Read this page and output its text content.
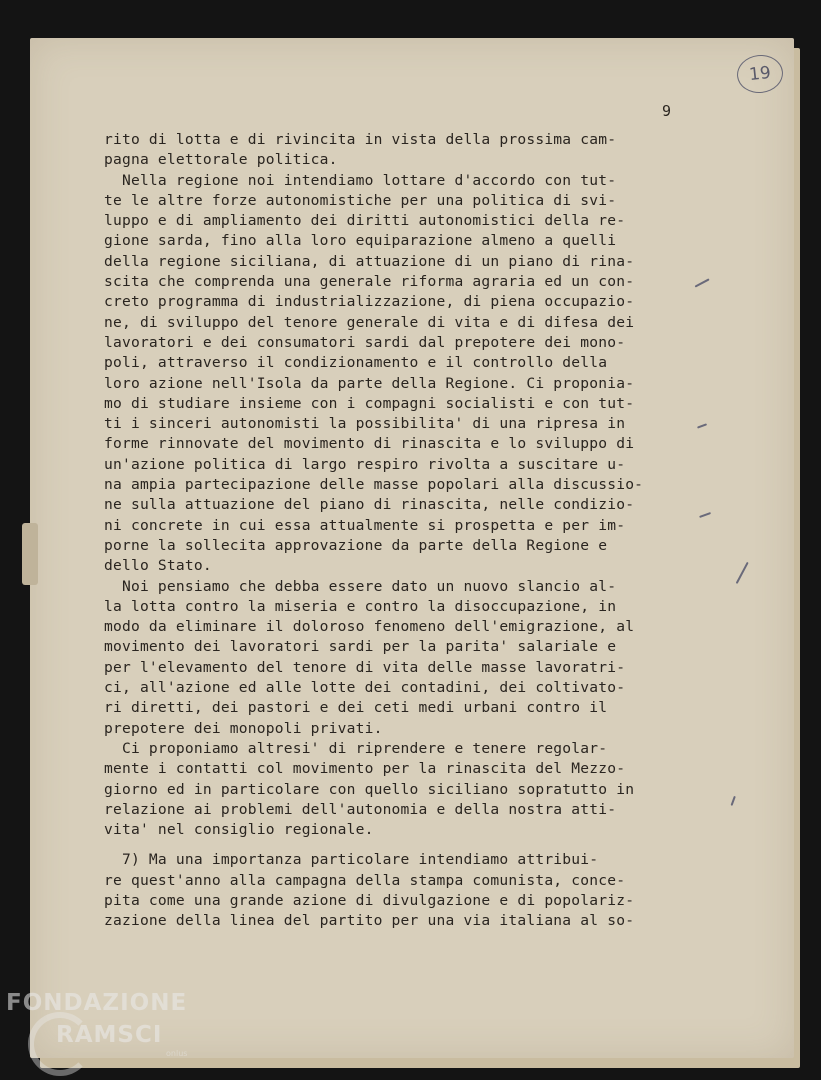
19
9
rito di lotta e di rivincita in vista della prossima cam-
pagna elettorale politica.
Nella regione noi intendiamo lottare d'accordo con tut-
te le altre forze autonomistiche per una politica di svi-
luppo e di ampliamento dei diritti autonomistici della re-
gione sarda, fino alla loro equiparazione almeno a quelli
della regione siciliana, di attuazione di un piano di rina-
scita che comprenda una generale riforma agraria ed un con-
creto programma di industrializzazione, di piena occupazio-
ne, di sviluppo del tenore generale di vita e di difesa dei
lavoratori e dei consumatori sardi dal prepotere dei mono-
poli, attraverso il condizionamento e il controllo della
loro azione nell'Isola da parte della Regione. Ci proponia-
mo di studiare insieme con i compagni socialisti e con tut-
ti i sinceri autonomisti la possibilita' di una ripresa in
forme rinnovate del movimento di rinascita e lo sviluppo di
un'azione politica di largo respiro rivolta a suscitare u-
na ampia partecipazione delle masse popolari alla discussio-
ne sulla attuazione del piano di rinascita, nelle condizio-
ni concrete in cui essa attualmente si prospetta e per im-
porne la sollecita approvazione da parte della Regione e
dello Stato.
Noi pensiamo che debba essere dato un nuovo slancio al-
la lotta contro la miseria e contro la disoccupazione, in
modo da eliminare il doloroso fenomeno dell'emigrazione, al
movimento dei lavoratori sardi per la parita' salariale e
per l'elevamento del tenore di vita delle masse lavoratri-
ci, all'azione ed alle lotte dei contadini, dei coltivato-
ri diretti, dei pastori e dei ceti medi urbani contro il
prepotere dei monopoli privati.
Ci proponiamo altresi' di riprendere e tenere regolar-
mente i contatti col movimento per la rinascita del Mezzo-
giorno ed in particolare con quello siciliano sopratutto in
relazione ai problemi dell'autonomia e della nostra atti-
vita' nel consiglio regionale.
7) Ma una importanza particolare intendiamo attribui-
re quest'anno alla campagna della stampa comunista, conce-
pita come una grande azione di divulgazione e di popolariz-
zazione della linea del partito per una via italiana al so-
FONDAZIONE
RAMSCI
onlus
